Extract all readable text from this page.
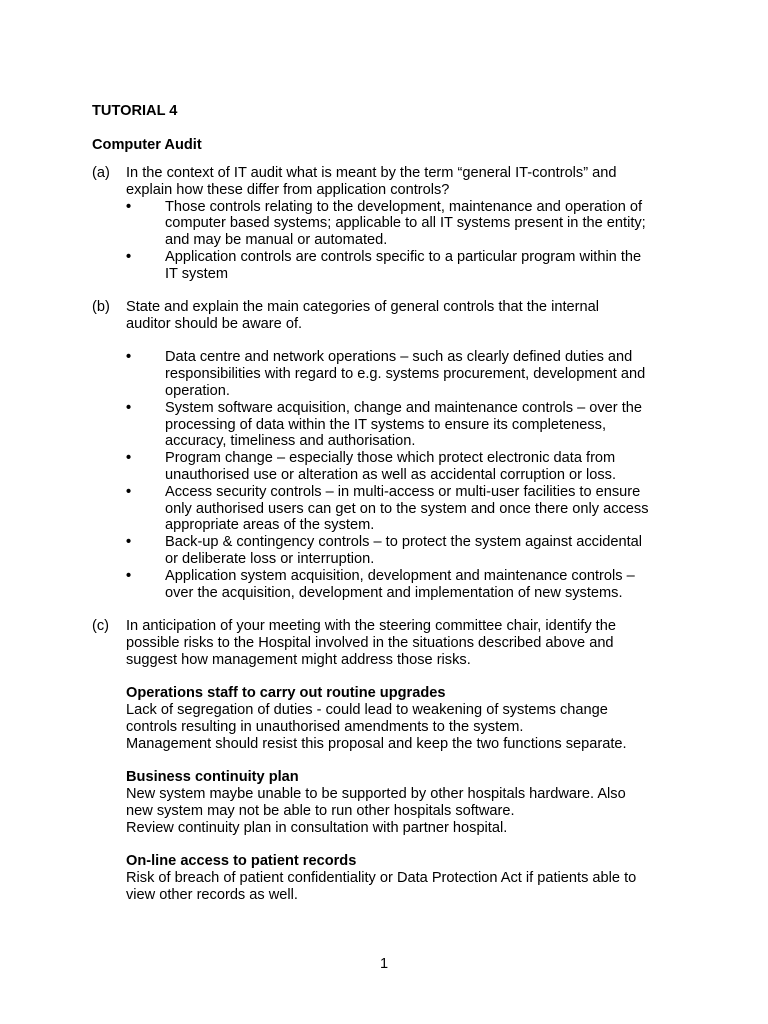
TUTORIAL 4
Computer Audit
(a) In the context of IT audit what is meant by the term “general IT-controls” and
explain how these differ from application controls?
•	Those controls relating to the development, maintenance and operation of
computer based systems; applicable to all IT systems present in the entity;
and may be manual or automated.
•	Application controls are controls specific to a particular program within the
IT system
(b) State and explain the main categories of general controls that the internal
auditor should be aware of.
•	Data centre and network operations – such as clearly defined duties and
responsibilities with regard to e.g. systems procurement, development and
operation.
•	System software acquisition, change and maintenance controls – over the
processing of data within the IT systems to ensure its completeness,
accuracy, timeliness and authorisation.
•	Program change – especially those which protect electronic data from
unauthorised use or alteration as well as accidental corruption or loss.
•	Access security controls – in multi-access or multi-user facilities to ensure
only authorised users can get on to the system and once there only access
appropriate areas of the system.
•	Back-up & contingency controls – to protect the system against accidental
or deliberate loss or interruption.
•	Application system acquisition, development and maintenance controls –
over the acquisition, development and implementation of new systems.
(c) In anticipation of your meeting with the steering committee chair, identify the
possible risks to the Hospital involved in the situations described above and
suggest how management might address those risks.
Operations staff to carry out routine upgrades
Lack of segregation of duties - could lead to weakening of systems change
controls resulting in unauthorised amendments to the system.
Management should resist this proposal and keep the two functions separate.
Business continuity plan
New system maybe unable to be supported by other hospitals hardware. Also
new system may not be able to run other hospitals software.
Review continuity plan in consultation with partner hospital.
On-line access to patient records
Risk of breach of patient confidentiality or Data Protection Act if patients able to
view other records as well.
1
